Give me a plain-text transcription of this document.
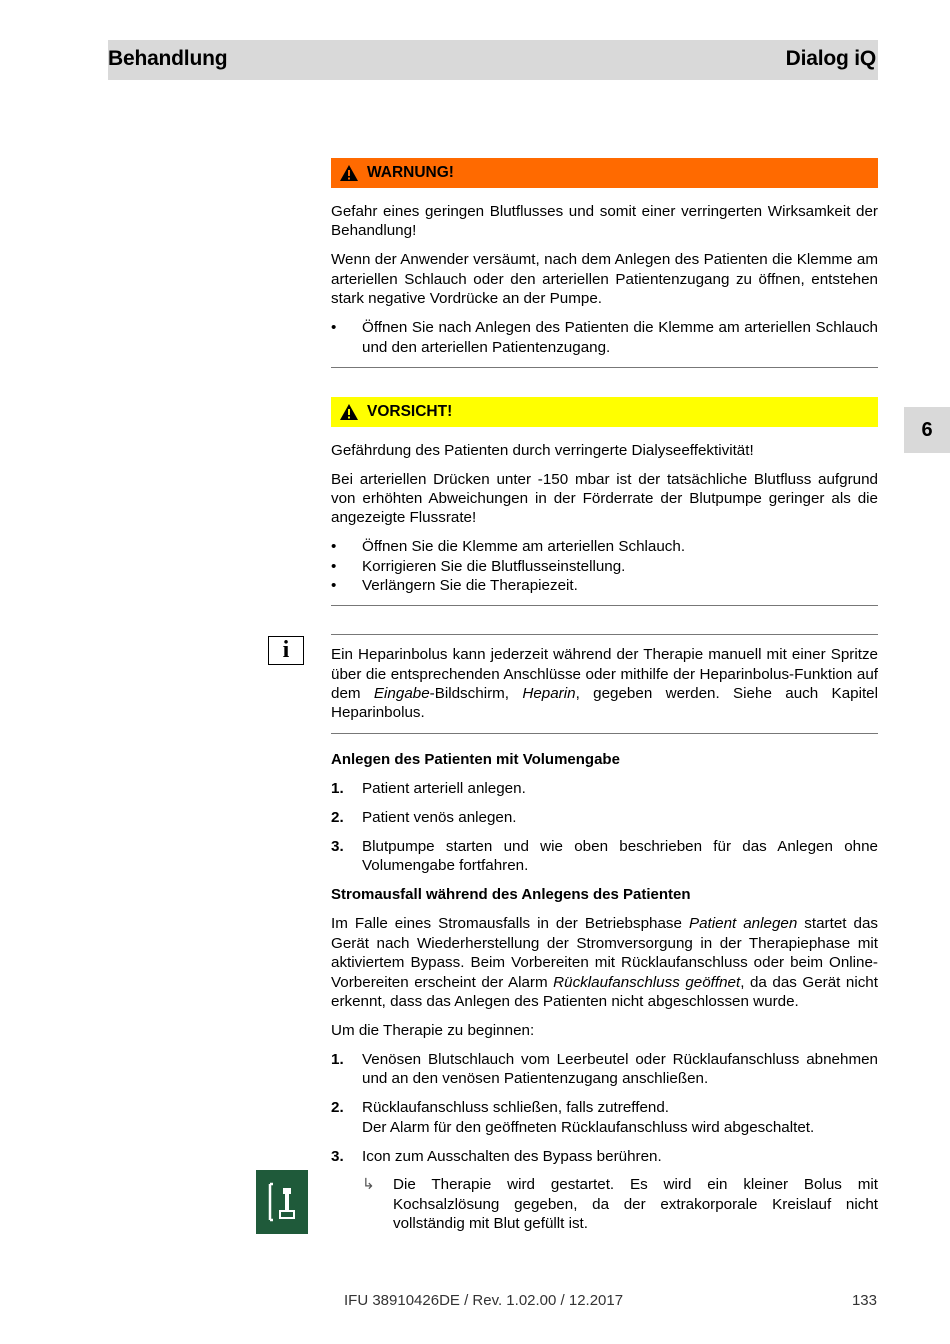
Behandlung	Dialog iQ
6
i
WARNUNG!

Gefahr eines geringen Blutflusses und somit einer verringerten Wirksamkeit der Behandlung!

Wenn der Anwender versäumt, nach dem Anlegen des Patienten die Klemme am arteriellen Schlauch oder den arteriellen Patientenzugang zu öffnen, entstehen stark negative Vordrücke an der Pumpe.

• Öffnen Sie nach Anlegen des Patienten die Klemme am arteriellen Schlauch und den arteriellen Patientenzugang.
VORSICHT!

Gefährdung des Patienten durch verringerte Dialyseeffektivität!

Bei arteriellen Drücken unter -150 mbar ist der tatsächliche Blutfluss aufgrund von erhöhten Abweichungen in der Förderrate der Blutpumpe geringer als die angezeigte Flussrate!

• Öffnen Sie die Klemme am arteriellen Schlauch.
• Korrigieren Sie die Blutflusseinstellung.
• Verlängern Sie die Therapiezeit.

Ein Heparinbolus kann jederzeit während der Therapie manuell mit einer Spritze über die entsprechenden Anschlüsse oder mithilfe der Heparinbolus-Funktion auf dem Eingabe-Bildschirm, Heparin, gegeben werden. Siehe auch Kapitel Heparinbolus.

Anlegen des Patienten mit Volumengabe
1. Patient arteriell anlegen.
2. Patient venös anlegen.
3. Blutpumpe starten und wie oben beschrieben für das Anlegen ohne Volumengabe fortfahren.
Stromausfall während des Anlegens des Patienten

Im Falle eines Stromausfalls in der Betriebsphase Patient anlegen startet das Gerät nach Wiederherstellung der Stromversorgung in der Therapiephase mit aktiviertem Bypass. Beim Vorbereiten mit Rücklaufanschluss oder beim Online-Vorbereiten erscheint der Alarm Rücklaufanschluss geöffnet, da das Gerät nicht erkennt, dass das Anlegen des Patienten nicht abgeschlossen wurde.

Um die Therapie zu beginnen:

1. Venösen Blutschlauch vom Leerbeutel oder Rücklaufanschluss abnehmen und an den venösen Patientenzugang anschließen.
2. Rücklaufanschluss schließen, falls zutreffend.
Der Alarm für den geöffneten Rücklaufanschluss wird abgeschaltet.
3. Icon zum Ausschalten des Bypass berühren.
↳ Die Therapie wird gestartet. Es wird ein kleiner Bolus mit Kochsalzlösung gegeben, da der extrakorporale Kreislauf nicht vollständig mit Blut gefüllt ist.
IFU 38910426DE / Rev. 1.02.00 / 12.2017	133
